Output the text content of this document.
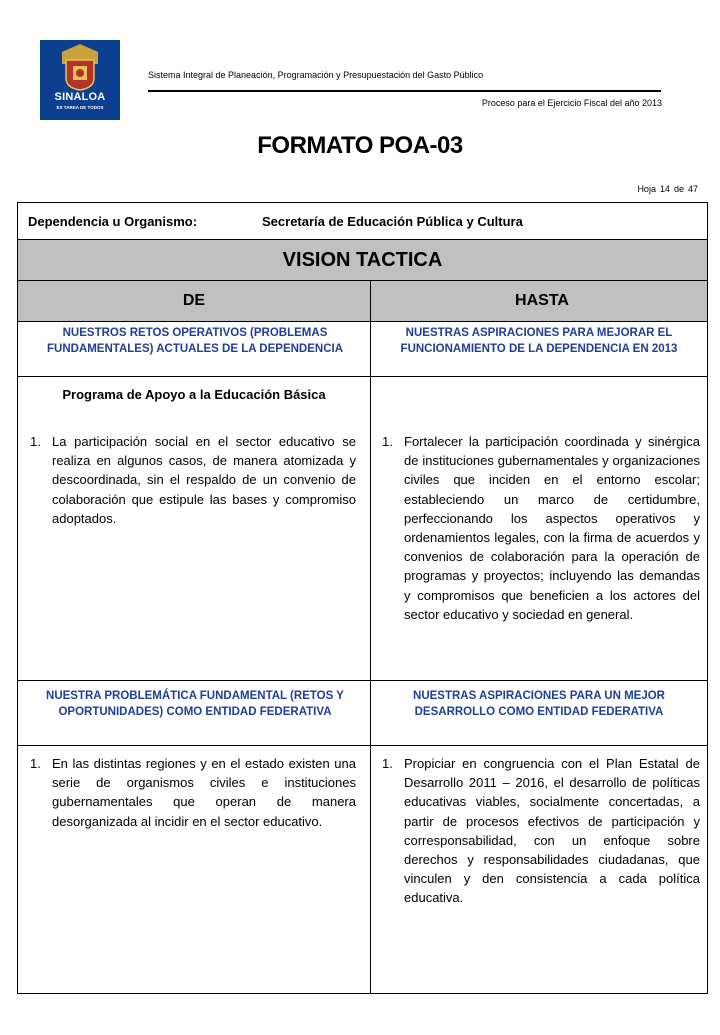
SINALOA
ES TAREA DE TODOS
Sistema Integral de Planeación, Programación y Presupuestación del Gasto Público
Proceso para el Ejercicio Fiscal del año 2013
FORMATO POA-03
Hoja 14 de 47
Dependencia u Organismo:	Secretaría de Educación Pública y Cultura
VISION TACTICA
DE	HASTA
NUESTROS RETOS OPERATIVOS (PROBLEMAS FUNDAMENTALES) ACTUALES DE LA DEPENDENCIA
NUESTRAS ASPIRACIONES PARA MEJORAR EL FUNCIONAMIENTO DE LA DEPENDENCIA EN 2013
Programa de Apoyo a la Educación Básica
1. La participación social en el sector educativo se realiza en algunos casos, de manera atomizada y descoordinada, sin el respaldo de un convenio de colaboración que estipule las bases y compromiso adoptados.
1. Fortalecer la participación coordinada y sinérgica de instituciones gubernamentales y organizaciones civiles que inciden en el entorno escolar; estableciendo un marco de certidumbre, perfeccionando los aspectos operativos y ordenamientos legales, con la firma de acuerdos y convenios de colaboración para la operación de programas y proyectos; incluyendo las demandas y compromisos que beneficien a los actores del sector educativo y sociedad en general.
NUESTRA PROBLEMÁTICA FUNDAMENTAL (RETOS Y OPORTUNIDADES) COMO ENTIDAD FEDERATIVA
NUESTRAS ASPIRACIONES PARA UN MEJOR DESARROLLO COMO ENTIDAD FEDERATIVA
1. En las distintas regiones y en el estado existen una serie de organismos civiles e instituciones gubernamentales que operan de manera desorganizada al incidir en el sector educativo.
1. Propiciar en congruencia con el Plan Estatal de Desarrollo 2011 – 2016, el desarrollo de políticas educativas viables, socialmente concertadas, a partir de procesos efectivos de participación y corresponsabilidad, con un enfoque sobre derechos y responsabilidades ciudadanas, que vinculen y den consistencia a cada política educativa.
